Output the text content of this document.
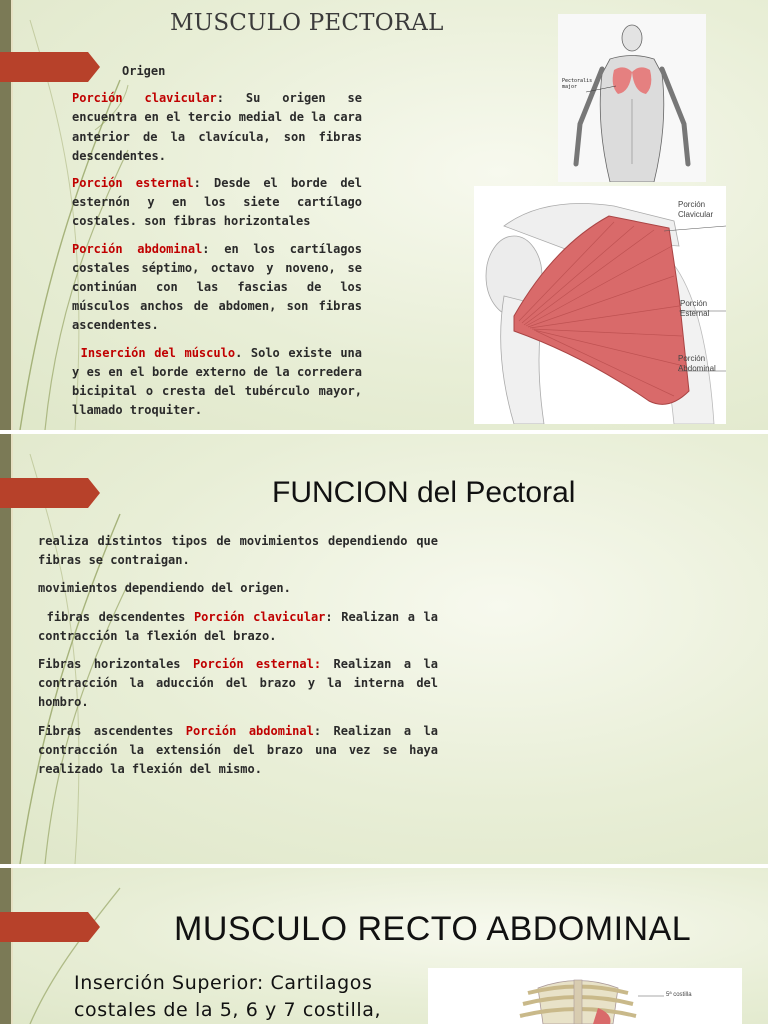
MUSCULO PECTORAL

Origen

Porción clavicular: Su origen se encuentra en el tercio medial de la cara anterior de la clavícula, son fibras descendentes.

Porción esternal: Desde el borde del esternón y en los siete cartílago costales. son fibras horizontales

Porción abdominal: en los cartílagos costales séptimo, octavo y noveno, se continúan con las fascias de los músculos anchos de abdomen, son fibras ascendentes.

Inserción del músculo. Solo existe una y es en el borde externo de la corredera bicipital o cresta del tubérculo mayor, llamado troquiter.

Pectoralis
major
Porción
Clavicular
Porción
Esternal
Porción
Abdominal
FUNCION del Pectoral

realiza distintos tipos de movimientos dependiendo que fibras se contraigan.

movimientos dependiendo del origen.

fibras descendentes Porción clavicular: Realizan a la contracción la flexión del brazo.

Fibras horizontales Porción esternal: Realizan a la contracción la aducción del brazo y la interna del hombro.

Fibras ascendentes Porción abdominal: Realizan a la contracción la extensión del brazo una vez se haya realizado la flexión del mismo.

MUSCULO RECTO ABDOMINAL
Inserción Superior: Cartilagos costales de la 5, 6 y 7 costilla,
5ª costilla
